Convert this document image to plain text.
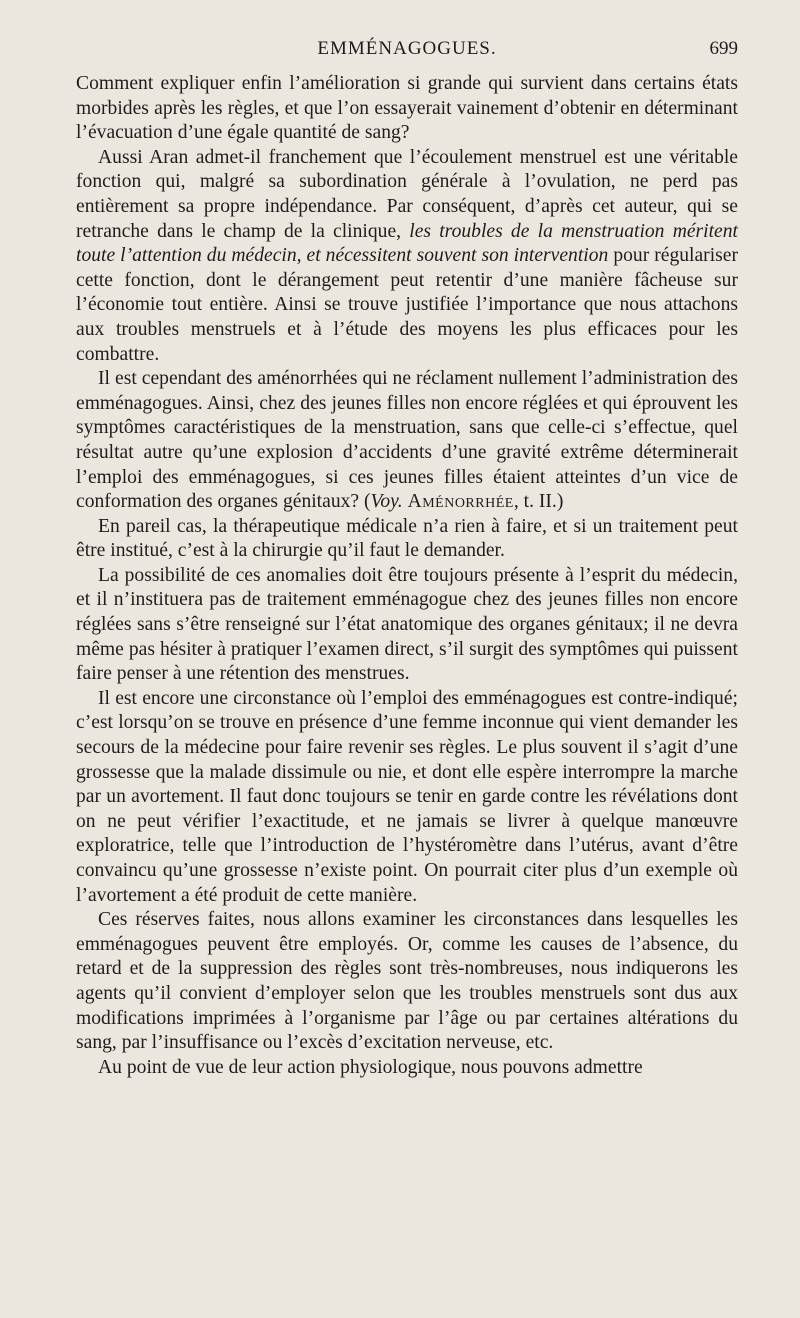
EMMÉNAGOGUES.	699

Comment expliquer enfin l’amélioration si grande qui survient dans certains états morbides après les règles, et que l’on essayerait vainement d’obtenir en déterminant l’évacuation d’une égale quantité de sang?

Aussi Aran admet-il franchement que l’écoulement menstruel est une véritable fonction qui, malgré sa subordination générale à l’ovulation, ne perd pas entièrement sa propre indépendance. Par conséquent, d’après cet auteur, qui se retranche dans le champ de la clinique, les troubles de la menstruation méritent toute l’attention du médecin, et nécessitent souvent son intervention pour régulariser cette fonction, dont le dérangement peut retentir d’une manière fâcheuse sur l’économie tout entière. Ainsi se trouve justifiée l’importance que nous attachons aux troubles menstruels et à l’étude des moyens les plus efficaces pour les combattre.

Il est cependant des aménorrhées qui ne réclament nullement l’administration des emménagogues. Ainsi, chez des jeunes filles non encore réglées et qui éprouvent les symptômes caractéristiques de la menstruation, sans que celle-ci s’effectue, quel résultat autre qu’une explosion d’accidents d’une gravité extrême déterminerait l’emploi des emménagogues, si ces jeunes filles étaient atteintes d’un vice de conformation des organes génitaux? (Voy. Aménorrhée, t. II.)

En pareil cas, la thérapeutique médicale n’a rien à faire, et si un traitement peut être institué, c’est à la chirurgie qu’il faut le demander.

La possibilité de ces anomalies doit être toujours présente à l’esprit du médecin, et il n’instituera pas de traitement emménagogue chez des jeunes filles non encore réglées sans s’être renseigné sur l’état anatomique des organes génitaux; il ne devra même pas hésiter à pratiquer l’examen direct, s’il surgit des symptômes qui puissent faire penser à une rétention des menstrues.

Il est encore une circonstance où l’emploi des emménagogues est contre-indiqué; c’est lorsqu’on se trouve en présence d’une femme inconnue qui vient demander les secours de la médecine pour faire revenir ses règles. Le plus souvent il s’agit d’une grossesse que la malade dissimule ou nie, et dont elle espère interrompre la marche par un avortement. Il faut donc toujours se tenir en garde contre les révélations dont on ne peut vérifier l’exactitude, et ne jamais se livrer à quelque manœuvre exploratrice, telle que l’introduction de l’hystéromètre dans l’utérus, avant d’être convaincu qu’une grossesse n’existe point. On pourrait citer plus d’un exemple où l’avortement a été produit de cette manière.

Ces réserves faites, nous allons examiner les circonstances dans lesquelles les emménagogues peuvent être employés. Or, comme les causes de l’absence, du retard et de la suppression des règles sont très-nombreuses, nous indiquerons les agents qu’il convient d’employer selon que les troubles menstruels sont dus aux modifications imprimées à l’organisme par l’âge ou par certaines altérations du sang, par l’insuffisance ou l’excès d’excitation nerveuse, etc.

Au point de vue de leur action physiologique, nous pouvons admettre
